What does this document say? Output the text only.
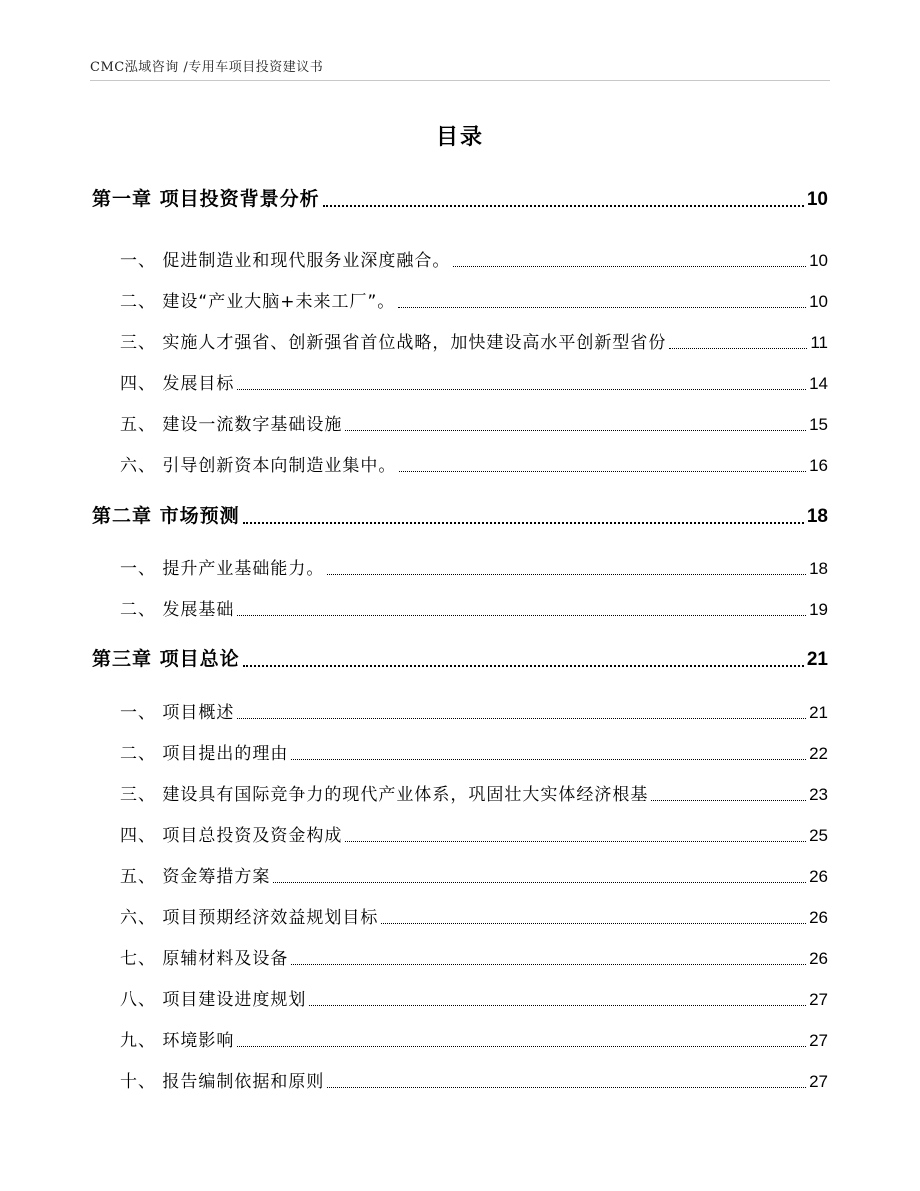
CMC泓域咨询 /专用车项目投资建议书
目录
第一章 项目投资背景分析	10
一、 促进制造业和现代服务业深度融合。	10
二、 建设“产业大脑+未来工厂”。	10
三、 实施人才强省、创新强省首位战略，加快建设高水平创新型省份	11
四、 发展目标	14
五、 建设一流数字基础设施	15
六、 引导创新资本向制造业集中。	16
第二章 市场预测	18
一、 提升产业基础能力。	18
二、 发展基础	19
第三章 项目总论	21
一、 项目概述	21
二、 项目提出的理由	22
三、 建设具有国际竞争力的现代产业体系，巩固壮大实体经济根基	23
四、 项目总投资及资金构成	25
五、 资金筹措方案	26
六、 项目预期经济效益规划目标	26
七、 原辅材料及设备	26
八、 项目建设进度规划	27
九、 环境影响	27
十、 报告编制依据和原则	27
